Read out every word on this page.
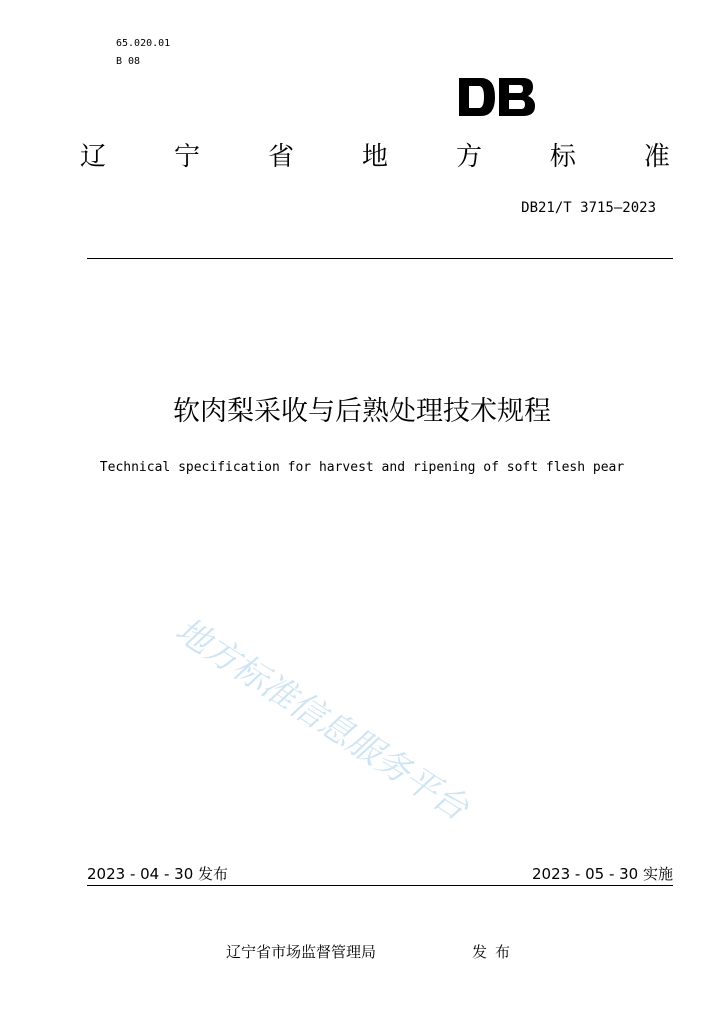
65.020.01
B 08
辽	宁	省	地	方	标	准
DB21/T 3715—2023
软肉梨采收与后熟处理技术规程
Technical specification for harvest and ripening of soft flesh pear
地方标准信息服务平台
2023 - 04 - 30 发布	2023 - 05 - 30 实施
辽宁省市场监督管理局	发布
